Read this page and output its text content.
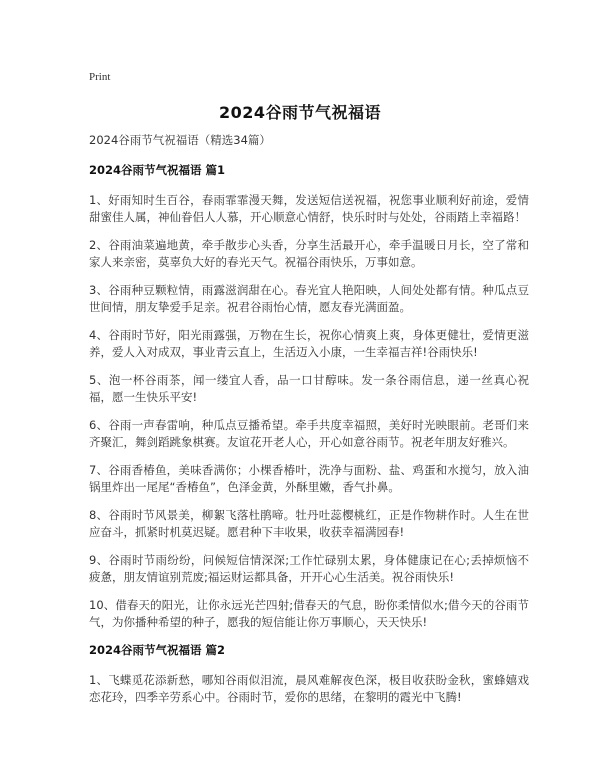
Print
2024谷雨节气祝福语

2024谷雨节气祝福语（精选34篇）

2024谷雨节气祝福语 篇1

1、好雨知时生百谷，春雨霏霏漫天舞，发送短信送祝福，祝您事业顺利好前途，爱情甜蜜佳人属，神仙眷侣人人慕，开心顺意心情舒，快乐时时与处处，谷雨踏上幸福路！

2、谷雨油菜遍地黄，牵手散步心头香，分享生活最开心，牵手温暖日月长，空了常和家人来亲密，莫辜负大好的春光天气。祝福谷雨快乐，万事如意。

3、谷雨种豆颗粒情，雨露滋润甜在心。春光宜人艳阳映，人间处处都有情。种瓜点豆世间情，朋友挚爱手足亲。祝君谷雨怡心情，愿友春光满面盈。

4、谷雨时节好，阳光雨露强，万物在生长，祝你心情爽上爽，身体更健壮，爱情更滋养，爱人入对成双，事业青云直上，生活迈入小康，一生幸福吉祥!谷雨快乐!

5、泡一杯谷雨茶，闻一缕宜人香，品一口甘醇味。发一条谷雨信息，递一丝真心祝福，愿一生快乐平安!

6、谷雨一声春雷响，种瓜点豆播希望。牵手共度幸福照，美好时光映眼前。老哥们来齐聚汇，舞剑蹈跳象棋赛。友谊花开老人心，开心如意谷雨节。祝老年朋友好雅兴。

7、谷雨香椿鱼，美味香满你；小棵香椿叶，洗净与面粉、盐、鸡蛋和水搅匀，放入油锅里炸出一尾尾“香椿鱼”，色泽金黄，外酥里嫩，香气扑鼻。

8、谷雨时节风景美，柳絮飞落杜鹃啼。牡丹吐蕊樱桃红，正是作物耕作时。人生在世应奋斗，抓紧时机莫迟疑。愿君种下丰收果，收获幸福满园春!

9、谷雨时节雨纷纷，问候短信情深深;工作忙碌别太累，身体健康记在心;丢掉烦恼不疲惫，朋友情谊别荒废;福运财运都具备，开开心心生活美。祝谷雨快乐!

10、借春天的阳光，让你永远光芒四射;借春天的气息，盼你柔情似水;借今天的谷雨节气，为你播种希望的种子，愿我的短信能让你万事顺心，天天快乐!

2024谷雨节气祝福语 篇2

1、飞蝶觅花添新愁，哪知谷雨似泪流，晨风难解夜色深，极目收获盼金秋，蜜蜂嬉戏恋花玲，四季辛劳系心中。谷雨时节，爱你的思绪，在黎明的霞光中飞腾!
